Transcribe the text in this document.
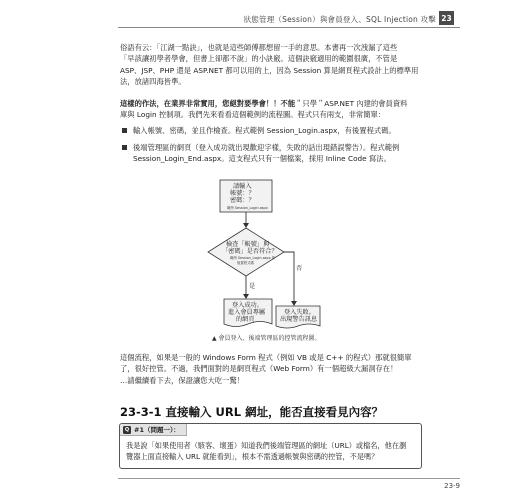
狀態管理（Session）與會員登入、SQL Injection 攻擊 23
俗語有云：「江湖一點訣」，也就是這些師傅都想留一手的意思。本書再一次洩漏了這些
「早該讓初學者學會，但書上卻都不說」的小訣竅。這個訣竅適用的範圍很廣，不管是
ASP、JSP、PHP 還是 ASP.NET 都可以用的上，因為 Session 算是網頁程式設計上的標準用
法，放諸四海皆準。
這樣的作法，在業界非常實用，您絕對要學會！！不能＂只學＂ASP.NET 內建的會員資料
庫與 Login 控制項。我們先來看看這個範例的流程圖。程式只有兩支，非常簡單：
輸入帳號、密碼，並且作檢查。程式範例 Session_Login.aspx，有後置程式碼。
後端管理區的網頁（登入成功就出現歡迎字樣，失敗的話出現錯誤警告）。程式範例 Session_Login_End.aspx。這支程式只有一個檔案，採用 Inline Code 寫法。
請輸入
帳號：？
密碼：？
範例 Session_Login.aspx
檢查「帳號」與
「密碼」是否符合？
範例 Session_Login.aspx 的
後置程式碼
是
否
登入成功。
進入會員專屬
的網頁
登入失敗。
出現警告訊息
▲ 會員登入、後端管理區的控管流程圖。
這個流程，如果是一般的 Windows Form 程式（例如 VB 或是 C++ 的程式）那就很簡單
了，很好控管。不過，我們面對的是網頁程式（Web Form）有一個超級大漏洞存在！
…請繼續看下去，保證讓您大吃一驚！
23-3-1 直接輸入 URL 網址，能否直接看見內容？
Q #1（問題一）：
我是說「如果使用者（駭客、壞蛋）知道我們後端管理區的網址（URL）或檔名，他在瀏
覽器上面直接輸入 URL 就能看到」，根本不需透過帳號與密碼的控管，不是嗎？
23-9
